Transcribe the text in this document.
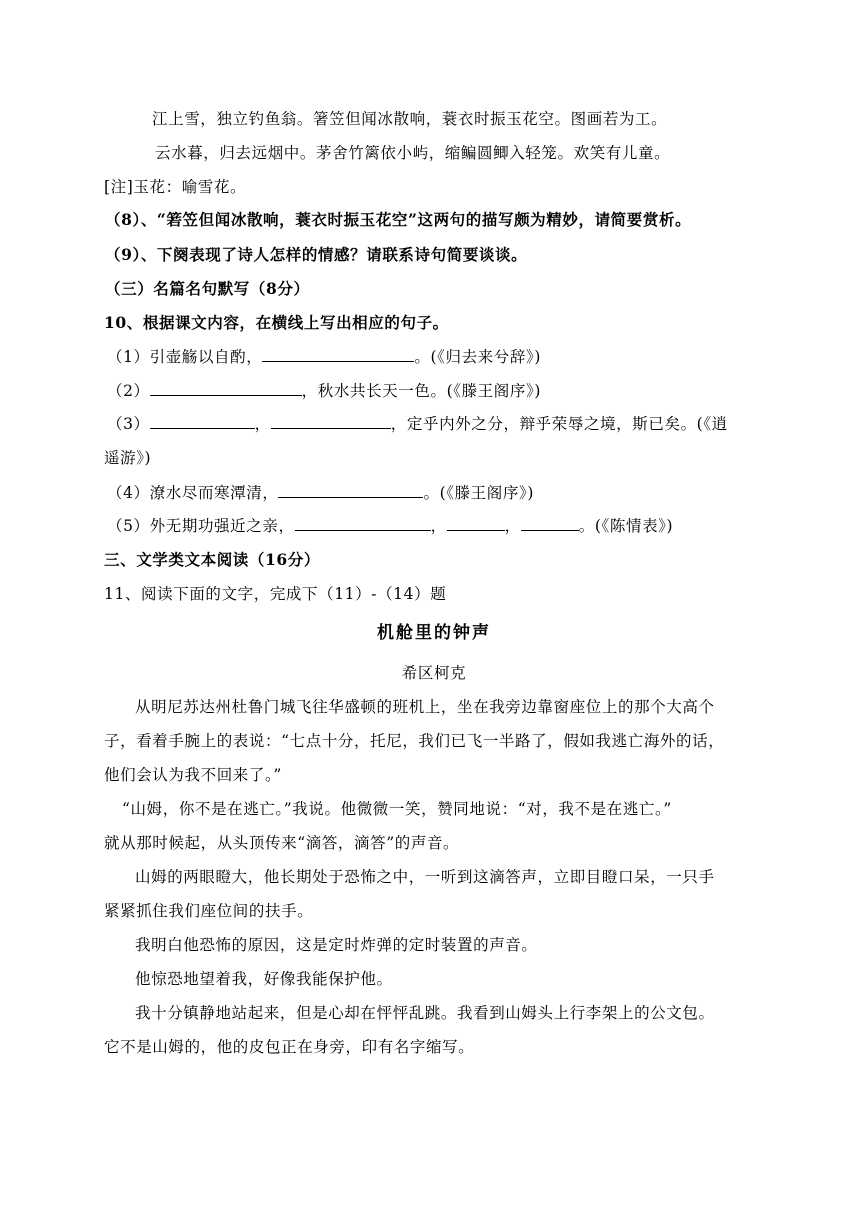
江上雪，独立钓鱼翁。箸笠但闻冰散响，蓑衣时振玉花空。图画若为工。
云水暮，归去远烟中。茅舍竹篱依小屿，缩鳊圆鲫入轻笼。欢笑有儿童。
[注]玉花：喻雪花。
（8）、“箬笠但闻冰散响，蓑衣时振玉花空”这两句的描写颇为精妙，请简要赏析。
（9）、下阕表现了诗人怎样的情感？请联系诗句简要谈谈。
（三）名篇名句默写（8分）
10、根据课文内容，在横线上写出相应的句子。
（1）引壶觞以自酌，	。(《归去来兮辞》)
（2）	，秋水共长天一色。(《滕王阁序》)
（3）	，	，定乎内外之分，辩乎荣辱之境，斯已矣。(《逍
遥游》)
（4）潦水尽而寒潭清，	。(《滕王阁序》)
（5）外无期功强近之亲，	，	，	。(《陈情表》)
三、文学类文本阅读（16分）
11、阅读下面的文字，完成下（11）-（14）题
机舱里的钟声
希区柯克
从明尼苏达州杜鲁门城飞往华盛顿的班机上，坐在我旁边靠窗座位上的那个大高个
子，看着手腕上的表说：“七点十分，托尼，我们已飞一半路了，假如我逃亡海外的话，
他们会认为我不回来了。”
“山姆，你不是在逃亡。”我说。他微微一笑，赞同地说：“对，我不是在逃亡。”
就从那时候起，从头顶传来“滴答，滴答”的声音。
山姆的两眼瞪大，他长期处于恐怖之中，一听到这滴答声，立即目瞪口呆，一只手
紧紧抓住我们座位间的扶手。
我明白他恐怖的原因，这是定时炸弹的定时装置的声音。
他惊恐地望着我，好像我能保护他。
我十分镇静地站起来，但是心却在怦怦乱跳。我看到山姆头上行李架上的公文包。
它不是山姆的，他的皮包正在身旁，印有名字缩写。
